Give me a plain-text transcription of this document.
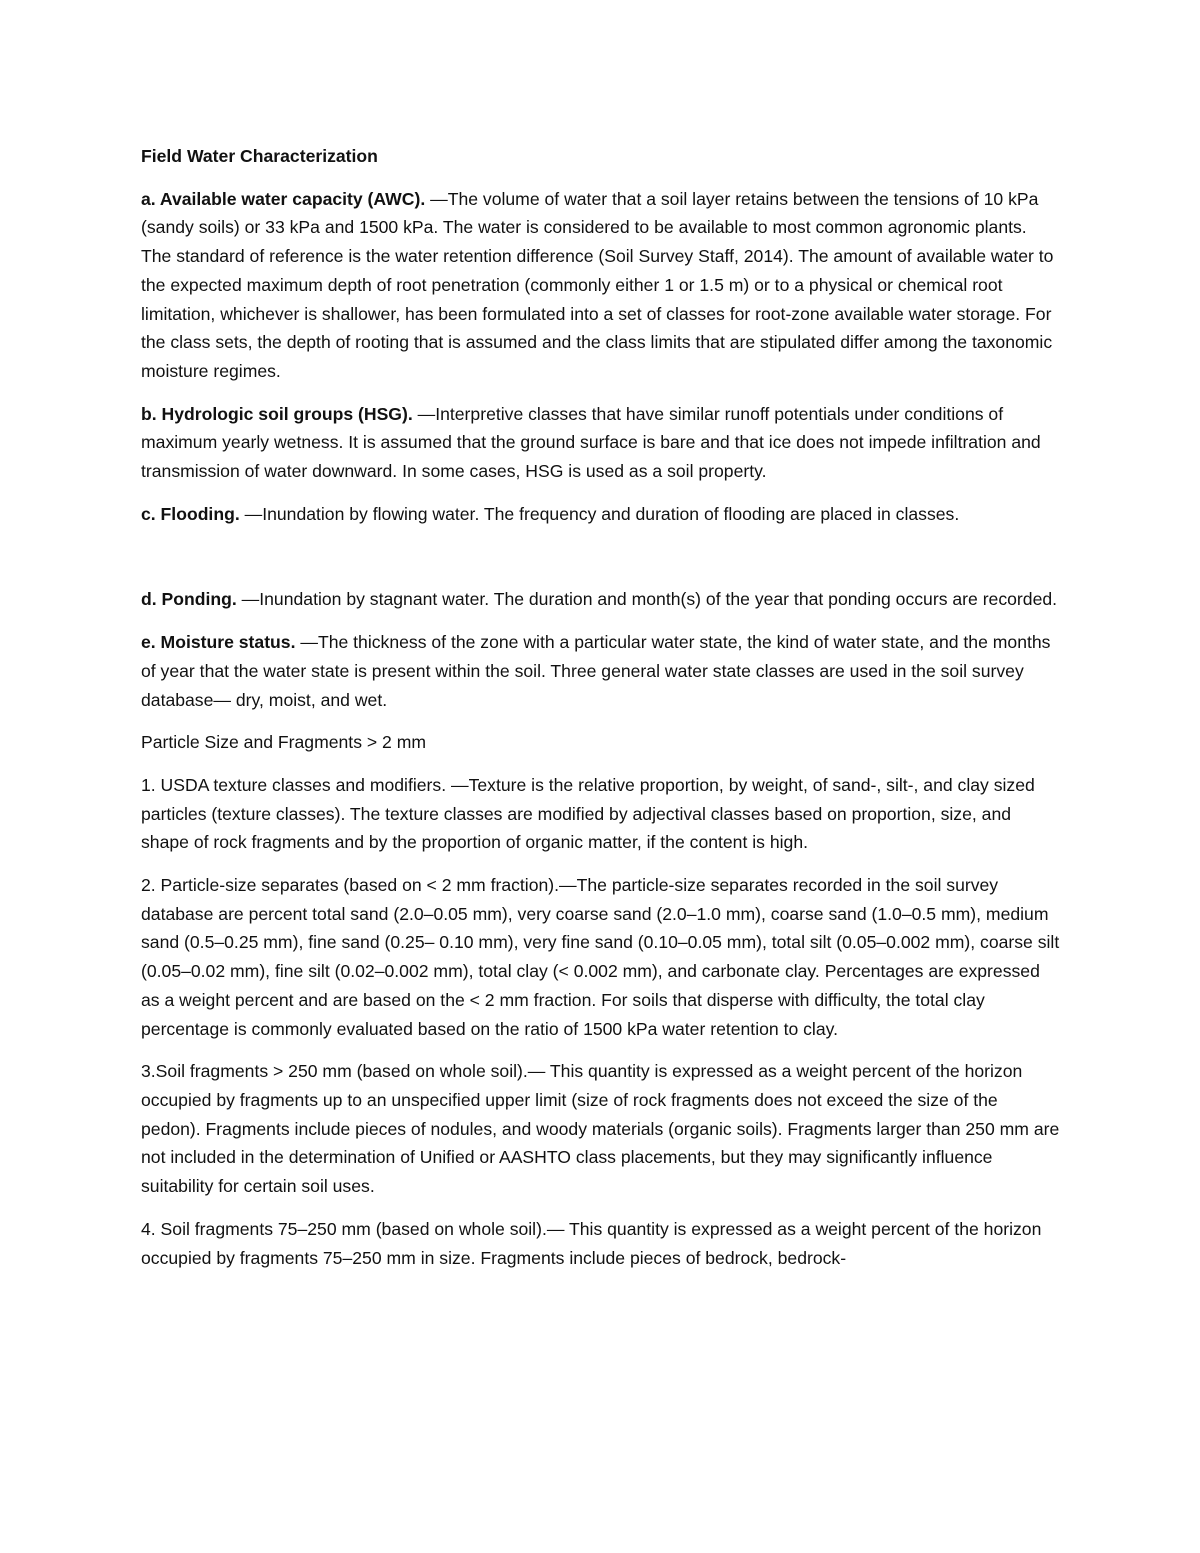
Field Water Characterization

a. Available water capacity (AWC). —The volume of water that a soil layer retains between the tensions of 10 kPa (sandy soils) or 33 kPa and 1500 kPa. The water is considered to be available to most common agronomic plants. The standard of reference is the water retention difference (Soil Survey Staff, 2014). The amount of available water to the expected maximum depth of root penetration (commonly either 1 or 1.5 m) or to a physical or chemical root limitation, whichever is shallower, has been formulated into a set of classes for root-zone available water storage. For the class sets, the depth of rooting that is assumed and the class limits that are stipulated differ among the taxonomic moisture regimes.

b. Hydrologic soil groups (HSG). —Interpretive classes that have similar runoff potentials under conditions of maximum yearly wetness. It is assumed that the ground surface is bare and that ice does not impede infiltration and transmission of water downward. In some cases, HSG is used as a soil property.

c. Flooding. —Inundation by flowing water. The frequency and duration of flooding are placed in classes.

d. Ponding. —Inundation by stagnant water. The duration and month(s) of the year that ponding occurs are recorded.

e. Moisture status. —The thickness of the zone with a particular water state, the kind of water state, and the months of year that the water state is present within the soil. Three general water state classes are used in the soil survey database— dry, moist, and wet.

Particle Size and Fragments > 2 mm

1. USDA texture classes and modifiers. —Texture is the relative proportion, by weight, of sand-, silt-, and clay sized particles (texture classes). The texture classes are modified by adjectival classes based on proportion, size, and shape of rock fragments and by the proportion of organic matter, if the content is high.

2. Particle-size separates (based on < 2 mm fraction).—The particle-size separates recorded in the soil survey database are percent total sand (2.0–0.05 mm), very coarse sand (2.0–1.0 mm), coarse sand (1.0–0.5 mm), medium sand (0.5–0.25 mm), fine sand (0.25– 0.10 mm), very fine sand (0.10–0.05 mm), total silt (0.05–0.002 mm), coarse silt (0.05–0.02 mm), fine silt (0.02–0.002 mm), total clay (< 0.002 mm), and carbonate clay. Percentages are expressed as a weight percent and are based on the < 2 mm fraction. For soils that disperse with difficulty, the total clay percentage is commonly evaluated based on the ratio of 1500 kPa water retention to clay.

3.Soil fragments > 250 mm (based on whole soil).— This quantity is expressed as a weight percent of the horizon occupied by fragments up to an unspecified upper limit (size of rock fragments does not exceed the size of the pedon). Fragments include pieces of nodules, and woody materials (organic soils). Fragments larger than 250 mm are not included in the determination of Unified or AASHTO class placements, but they may significantly influence suitability for certain soil uses.

4. Soil fragments 75–250 mm (based on whole soil).— This quantity is expressed as a weight percent of the horizon occupied by fragments 75–250 mm in size. Fragments include pieces of bedrock, bedrock-
